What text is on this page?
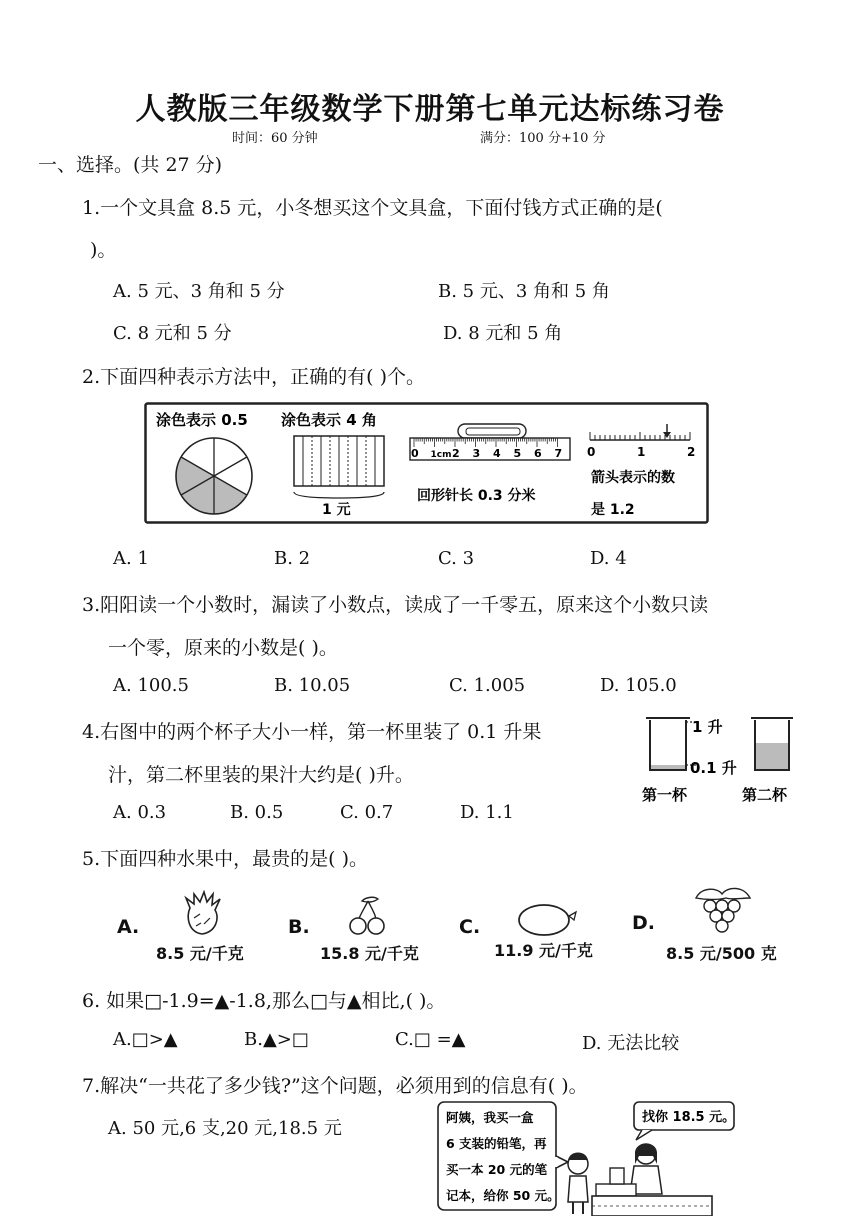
人教版三年级数学下册第七单元达标练习卷
时间：60 分钟	满分：100 分+10 分
一、选择。(共 27 分)
1.一个文具盒 8.5 元，小冬想买这个文具盒，下面付钱方式正确的是(
)。
A. 5 元、3 角和 5 分	B. 5 元、3 角和 5 角
C. 8 元和 5 分	D. 8 元和 5 角
2.下面四种表示方法中，正确的有( )个。
涂色表示 0.5 涂色表示 4 角
1 元
0 1cm 2 3 4 5 6 7
回形针长 0.3 分米
0	1	2
箭头表示的数
是 1.2
A. 1	B. 2	C. 3	D. 4
3.阳阳读一个小数时，漏读了小数点，读成了一千零五，原来这个小数只读
一个零，原来的小数是( )。
A. 100.5	B. 10.05	C. 1.005	D. 105.0
4.右图中的两个杯子大小一样，第一杯里装了 0.1 升果
汁，第二杯里装的果汁大约是( )升。
A. 0.3	B. 0.5	C. 0.7	D. 1.1
1 升
0.1 升
第一杯	第二杯
5.下面四种水果中，最贵的是( )。
A.
8.5 元/千克
B.
15.8 元/千克
C.
11.9 元/千克
D.
8.5 元/500 克
6. 如果□-1.9=▲-1.8,那么□与▲相比,( )。
A.□>▲	B.▲>□	C.□ =▲	D. 无法比较
7.解决“一共花了多少钱?”这个问题，必须用到的信息有( )。
A. 50 元,6 支,20 元,18.5 元
阿姨，我买一盒
6 支装的铅笔，再
买一本 20 元的笔
记本，给你 50 元。
找你 18.5 元。
